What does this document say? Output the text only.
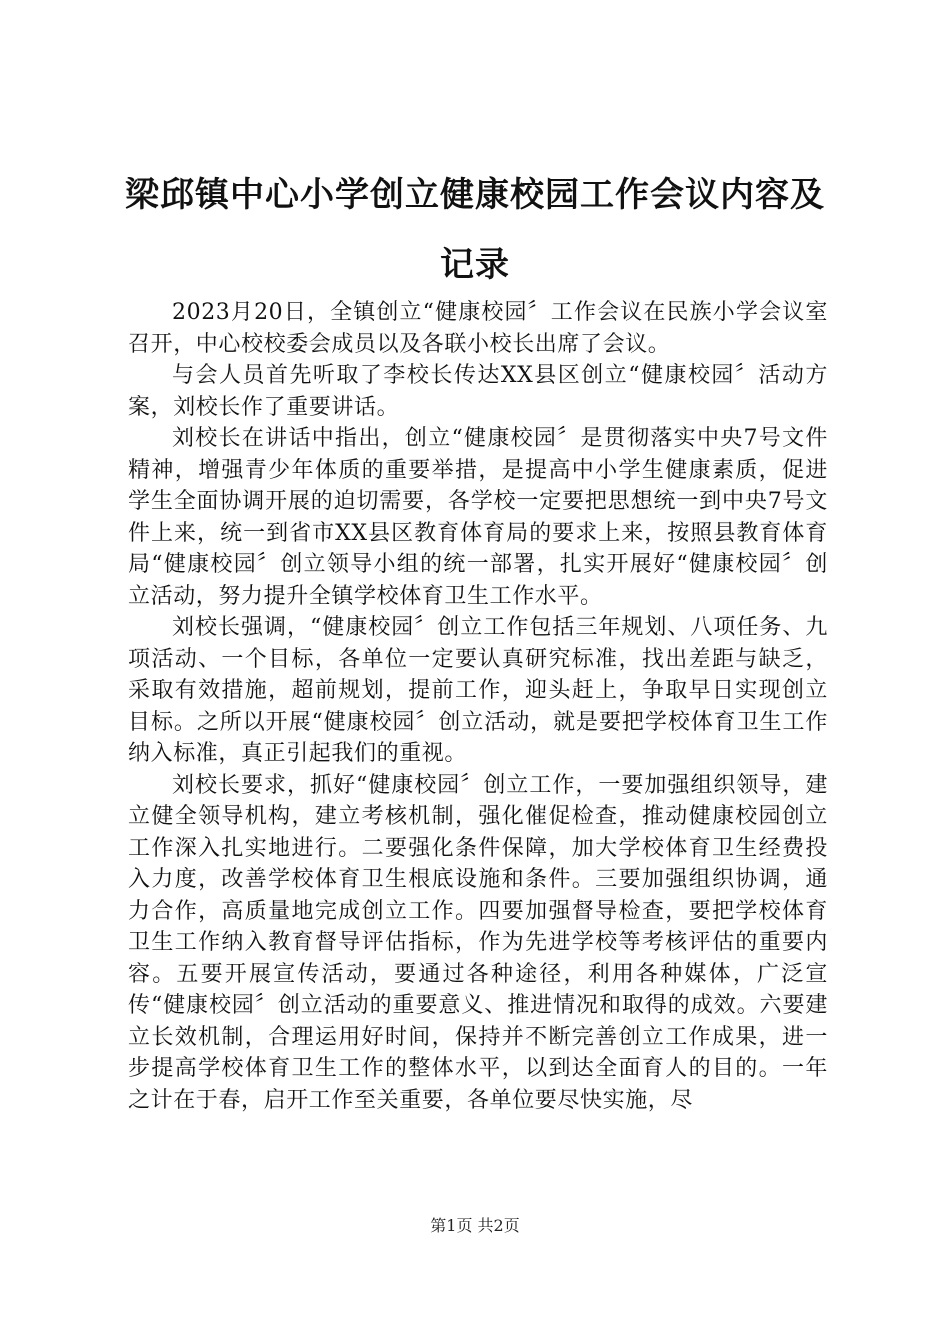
梁邱镇中心小学创立健康校园工作会议内容及记录

2023月20日，全镇创立“健康校园〞工作会议在民族小学会议室召开，中心校校委会成员以及各联小校长出席了会议。

与会人员首先听取了李校长传达XX县区创立“健康校园〞活动方案，刘校长作了重要讲话。

刘校长在讲话中指出，创立“健康校园〞是贯彻落实中央7号文件精神，增强青少年体质的重要举措，是提高中小学生健康素质，促进学生全面协调开展的迫切需要，各学校一定要把思想统一到中央7号文件上来，统一到省市XX县区教育体育局的要求上来，按照县教育体育局“健康校园〞创立领导小组的统一部署，扎实开展好“健康校园〞创立活动，努力提升全镇学校体育卫生工作水平。

刘校长强调，“健康校园〞创立工作包括三年规划、八项任务、九项活动、一个目标，各单位一定要认真研究标准，找出差距与缺乏，采取有效措施，超前规划，提前工作，迎头赶上，争取早日实现创立目标。之所以开展“健康校园〞创立活动，就是要把学校体育卫生工作纳入标准，真正引起我们的重视。

刘校长要求，抓好“健康校园〞创立工作，一要加强组织领导，建立健全领导机构，建立考核机制，强化催促检查，推动健康校园创立工作深入扎实地进行。二要强化条件保障，加大学校体育卫生经费投入力度，改善学校体育卫生根底设施和条件。三要加强组织协调，通力合作，高质量地完成创立工作。四要加强督导检查，要把学校体育卫生工作纳入教育督导评估指标，作为先进学校等考核评估的重要内容。五要开展宣传活动，要通过各种途径，利用各种媒体，广泛宣传“健康校园〞创立活动的重要意义、推进情况和取得的成效。六要建立长效机制，合理运用好时间，保持并不断完善创立工作成果，进一步提高学校体育卫生工作的整体水平，以到达全面育人的目的。一年之计在于春，启开工作至关重要，各单位要尽快实施，尽

第1页 共2页
